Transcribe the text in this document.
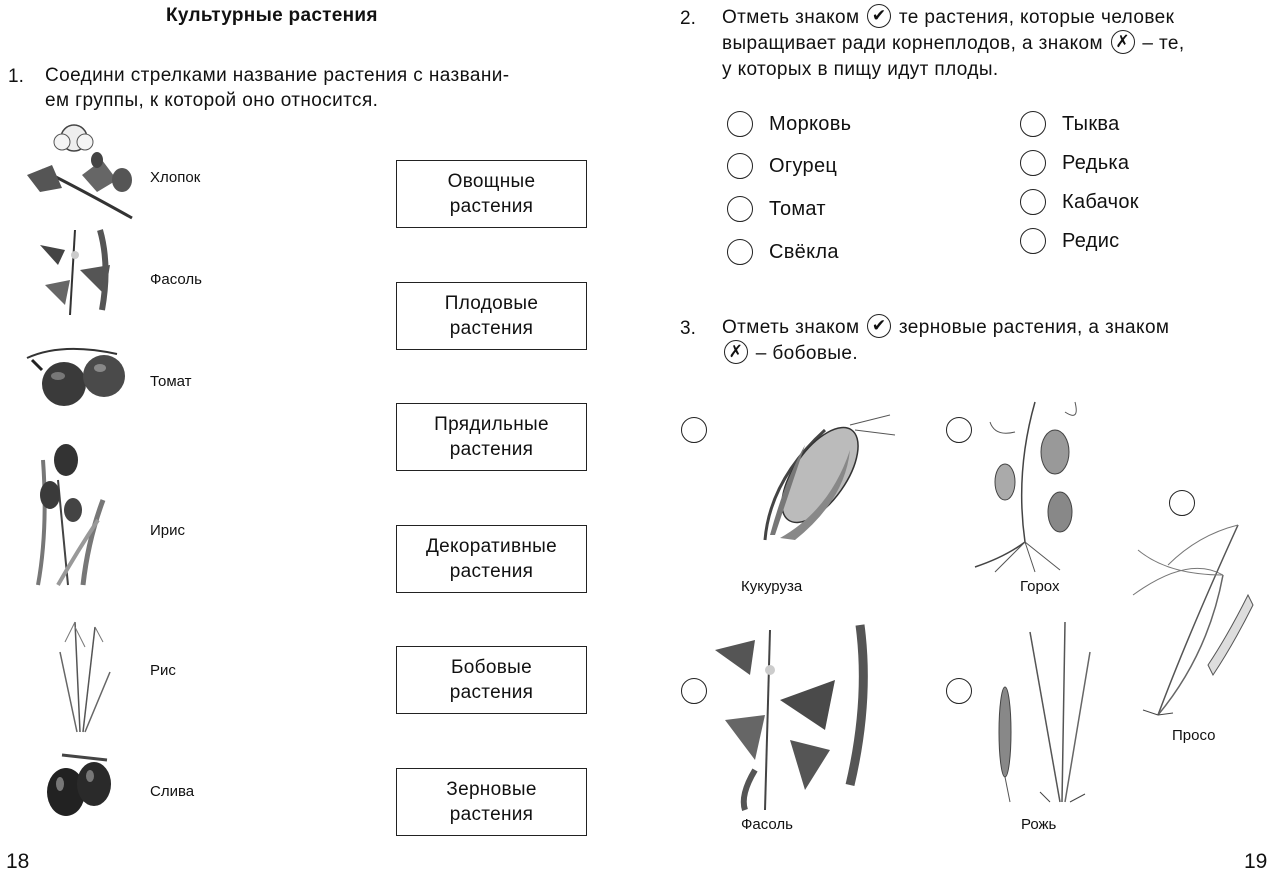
Культурные растения
1. Соедини стрелками название растения с названи-
ем группы, к которой оно относится.
Хлопок
Фасоль
Томат
Ирис
Рис
Слива
Овощные
растения
Плодовые
растения
Прядильные
растения
Декоративные
растения
Бобовые
растения
Зерновые
растения
18
2. Отметь знаком ✔ те растения, которые человек
выращивает ради корнеплодов, а знаком ✗ – те,
у которых в пищу идут плоды.
Морковь
Огурец
Томат
Свёкла
Тыква
Редька
Кабачок
Редис
3. Отметь знаком ✔ зерновые растения, а знаком
✗ – бобовые.
Кукуруза	Горох
Просо
Фасоль	Рожь
19
